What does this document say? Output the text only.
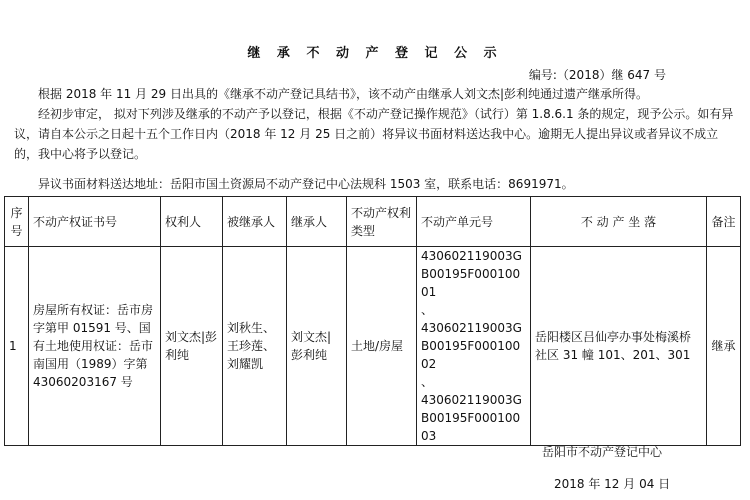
继 承 不 动 产 登 记 公 示
编号:（2018）继 647 号
根据 2018 年 11 月 29 日出具的《继承不动产登记具结书》，该不动产由继承人刘文杰|彭利纯通过遗产继承所得。
经初步审定， 拟对下列涉及继承的不动产予以登记，根据《不动产登记操作规范》（试行）第 1.8.6.1 条的规定，现予公示。如有异议，请自本公示之日起十五个工作日内（2018 年 12 月 25 日之前）将异议书面材料送达我中心。逾期无人提出异议或者异议不成立的，我中心将予以登记。
异议书面材料送达地址：岳阳市国土资源局不动产登记中心法规科 1503 室，联系电话：8691971。
序号	不动产权证书号	权利人	被继承人	继承人	不动产权利类型	不动产单元号	不 动 产 坐 落	备注
1	房屋所有权证：岳市房字第甲 01591 号、国有土地使用权证：岳市南国用（1989）字第 43060203167 号	刘文杰|彭利纯	刘秋生、王珍莲、刘耀凯	刘文杰|彭利纯	土地/房屋	430602119003GB00195F00010001
、
430602119003GB00195F00010002
、
430602119003GB00195F00010003	岳阳楼区吕仙亭办事处梅溪桥社区 31 幢 101、201、301	继承
岳阳市不动产登记中心
2018 年 12 月 04 日
